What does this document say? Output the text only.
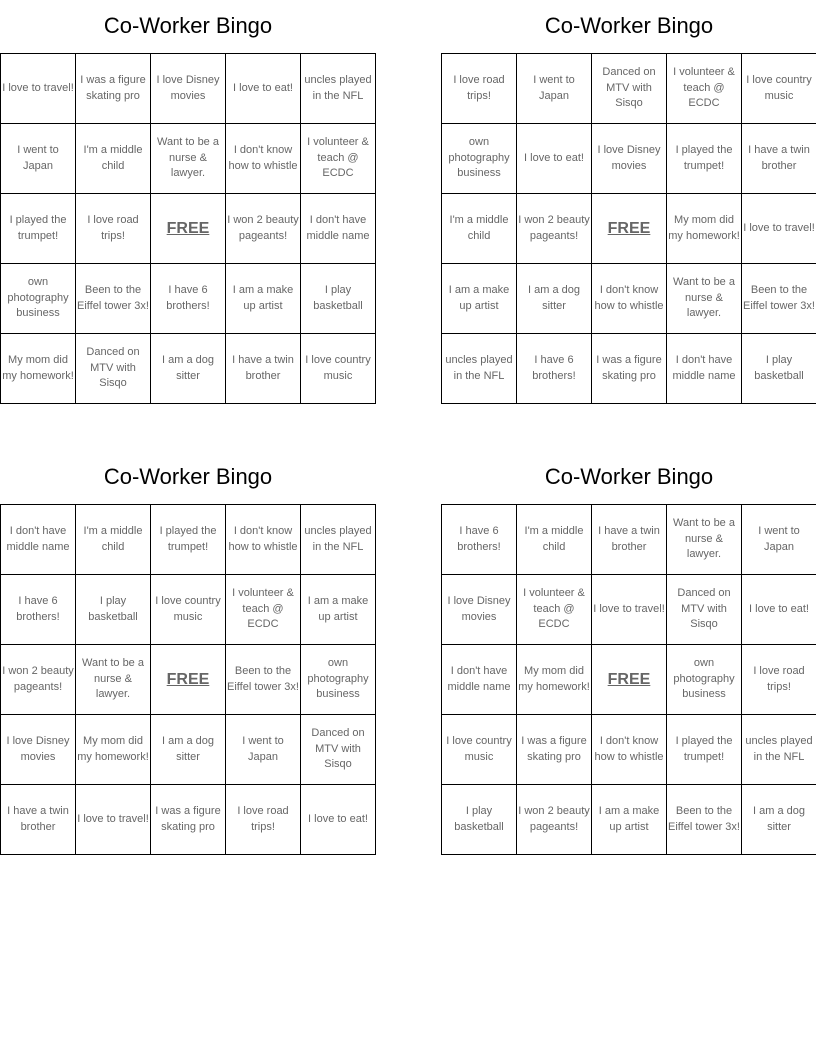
Co-Worker Bingo
I love to travel!	I was a figure skating pro	I love Disney movies	I love to eat!	uncles played in the NFL
I went to Japan	I'm a middle child	Want to be a nurse & lawyer.	I don't know how to whistle	I volunteer & teach @ ECDC
I played the trumpet!	I love road trips!	FREE	I won 2 beauty pageants!	I don't have middle name
own photography business	Been to the Eiffel tower 3x!	I have 6 brothers!	I am a make up artist	I play basketball
My mom did my homework!	Danced on MTV with Sisqo	I am a dog sitter	I have a twin brother	I love country music
Co-Worker Bingo
I love road trips!	I went to Japan	Danced on MTV with Sisqo	I volunteer & teach @ ECDC	I love country music
own photography business	I love to eat!	I love Disney movies	I played the trumpet!	I have a twin brother
I'm a middle child	I won 2 beauty pageants!	FREE	My mom did my homework!	I love to travel!
I am a make up artist	I am a dog sitter	I don't know how to whistle	Want to be a nurse & lawyer.	Been to the Eiffel tower 3x!
uncles played in the NFL	I have 6 brothers!	I was a figure skating pro	I don't have middle name	I play basketball
Co-Worker Bingo
I don't have middle name	I'm a middle child	I played the trumpet!	I don't know how to whistle	uncles played in the NFL
I have 6 brothers!	I play basketball	I love country music	I volunteer & teach @ ECDC	I am a make up artist
I won 2 beauty pageants!	Want to be a nurse & lawyer.	FREE	Been to the Eiffel tower 3x!	own photography business
I love Disney movies	My mom did my homework!	I am a dog sitter	I went to Japan	Danced on MTV with Sisqo
I have a twin brother	I love to travel!	I was a figure skating pro	I love road trips!	I love to eat!
Co-Worker Bingo
I have 6 brothers!	I'm a middle child	I have a twin brother	Want to be a nurse & lawyer.	I went to Japan
I love Disney movies	I volunteer & teach @ ECDC	I love to travel!	Danced on MTV with Sisqo	I love to eat!
I don't have middle name	My mom did my homework!	FREE	own photography business	I love road trips!
I love country music	I was a figure skating pro	I don't know how to whistle	I played the trumpet!	uncles played in the NFL
I play basketball	I won 2 beauty pageants!	I am a make up artist	Been to the Eiffel tower 3x!	I am a dog sitter
